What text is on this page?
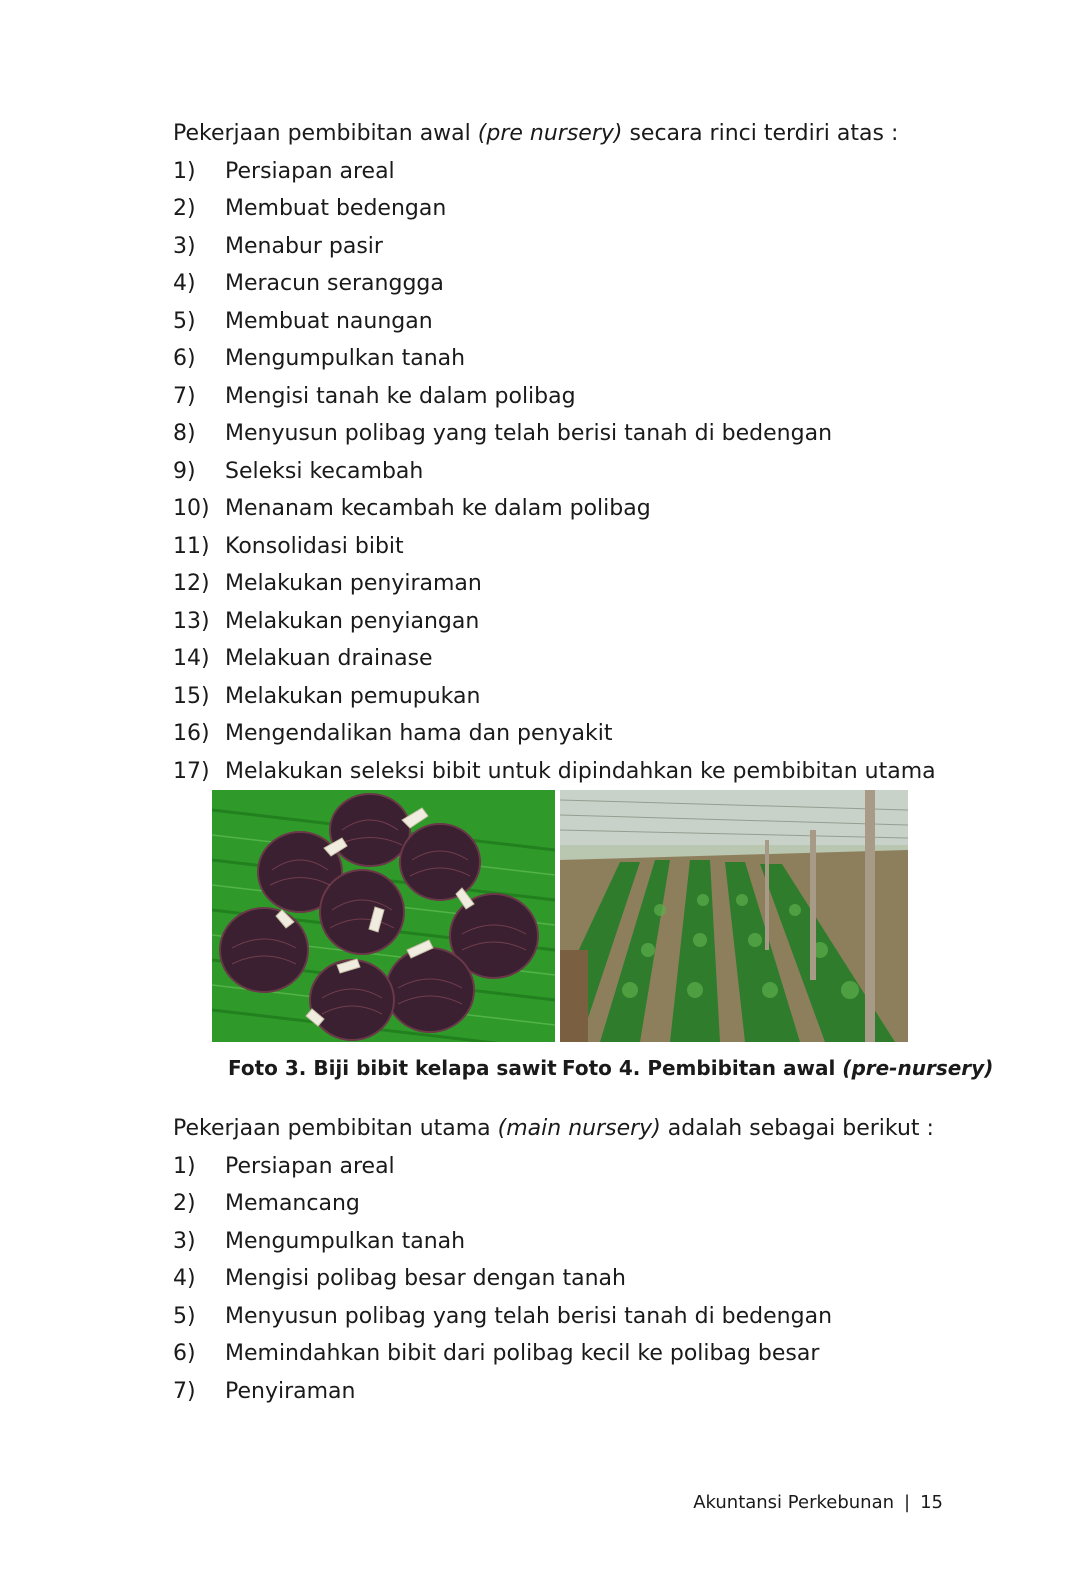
Pekerjaan pembibitan awal (pre nursery) secara rinci terdiri atas :

1)	Persiapan areal
2)	Membuat bedengan
3)	Menabur pasir
4)	Meracun seranggga
5)	Membuat naungan
6)	Mengumpulkan tanah
7)	Mengisi tanah ke dalam polibag
8)	Menyusun polibag yang telah berisi tanah di bedengan
9)	Seleksi kecambah
10) Menanam kecambah ke dalam polibag
11) Konsolidasi bibit
12) Melakukan penyiraman
13) Melakukan penyiangan
14) Melakuan drainase
15) Melakukan pemupukan
16) Mengendalikan hama dan penyakit
17) Melakukan seleksi bibit untuk dipindahkan ke pembibitan utama
Foto 3. Biji bibit kelapa sawit Foto 4. Pembibitan awal (pre-nursery)

Pekerjaan pembibitan utama (main nursery) adalah sebagai berikut :

1)	Persiapan areal
2)	Memancang
3)	Mengumpulkan tanah
4)	Mengisi polibag besar dengan tanah
5)	Menyusun polibag yang telah berisi tanah di bedengan
6)	Memindahkan bibit dari polibag kecil ke polibag besar
7)	Penyiraman
Akuntansi Perkebunan | 15
